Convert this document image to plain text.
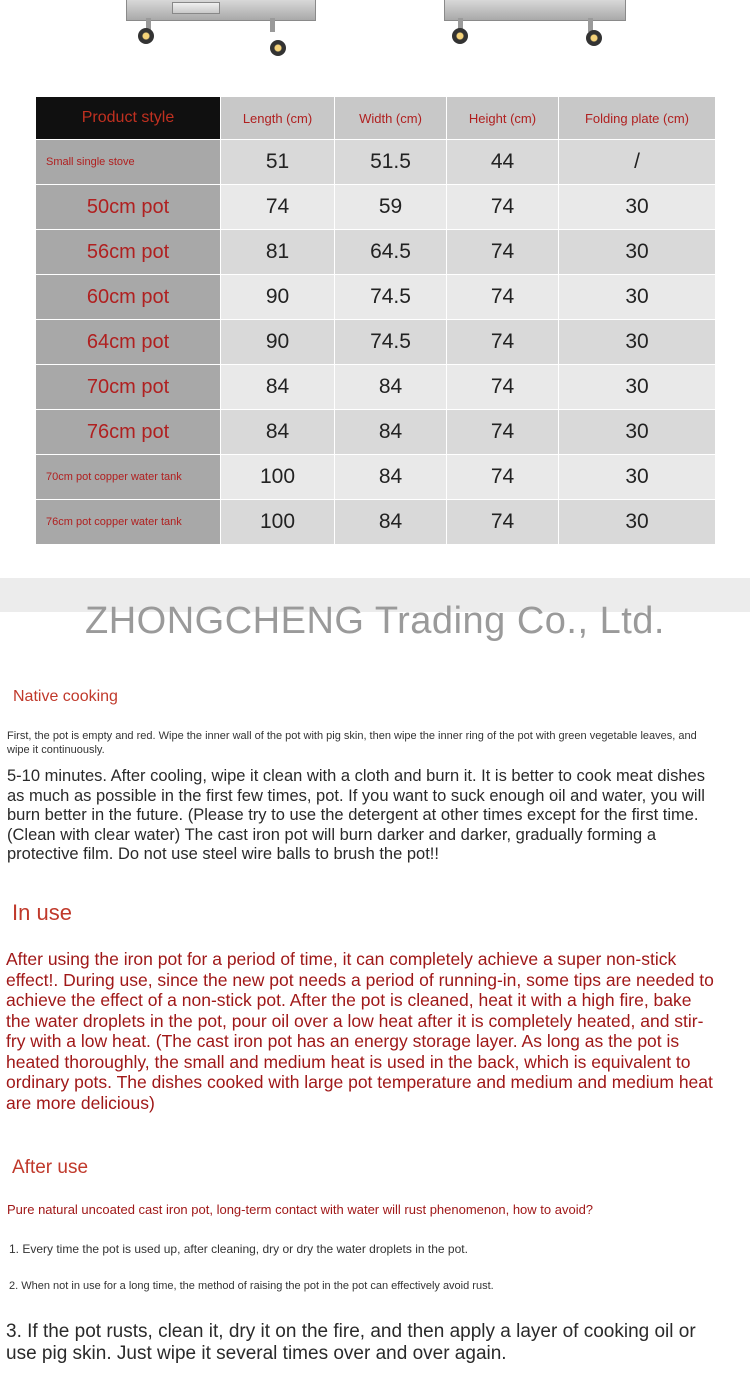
Product style	Length (cm)	Width (cm)	Height (cm)	Folding plate (cm)
Small single stove	51	51.5	44	/
50cm pot	74	59	74	30
56cm pot	81	64.5	74	30
60cm pot	90	74.5	74	30
64cm pot	90	74.5	74	30
70cm pot	84	84	74	30
76cm pot	84	84	74	30
70cm pot copper water tank	100	84	74	30
76cm pot copper water tank	100	84	74	30
ZHONGCHENG Trading Co., Ltd.
Native cooking
First, the pot is empty and red. Wipe the inner wall of the pot with pig skin, then wipe the inner ring of the pot with green vegetable leaves, and wipe it continuously.
5-10 minutes. After cooling, wipe it clean with a cloth and burn it. It is better to cook meat dishes as much as possible in the first few times, pot. If you want to suck enough oil and water, you will burn better in the future. (Please try to use the detergent at other times except for the first time. (Clean with clear water) The cast iron pot will burn darker and darker, gradually forming a protective film. Do not use steel wire balls to brush the pot!!
In use
After using the iron pot for a period of time, it can completely achieve a super non-stick effect!. During use, since the new pot needs a period of running-in, some tips are needed to achieve the effect of a non-stick pot. After the pot is cleaned, heat it with a high fire, bake the water droplets in the pot, pour oil over a low heat after it is completely heated, and stir-fry with a low heat. (The cast iron pot has an energy storage layer. As long as the pot is heated thoroughly, the small and medium heat is used in the back, which is equivalent to ordinary pots. The dishes cooked with large pot temperature and medium and medium heat are more delicious)
After use
Pure natural uncoated cast iron pot, long-term contact with water will rust phenomenon, how to avoid?
1. Every time the pot is used up, after cleaning, dry or dry the water droplets in the pot.
2. When not in use for a long time, the method of raising the pot in the pot can effectively avoid rust.
3. If the pot rusts, clean it, dry it on the fire, and then apply a layer of cooking oil or use pig skin. Just wipe it several times over and over again.
